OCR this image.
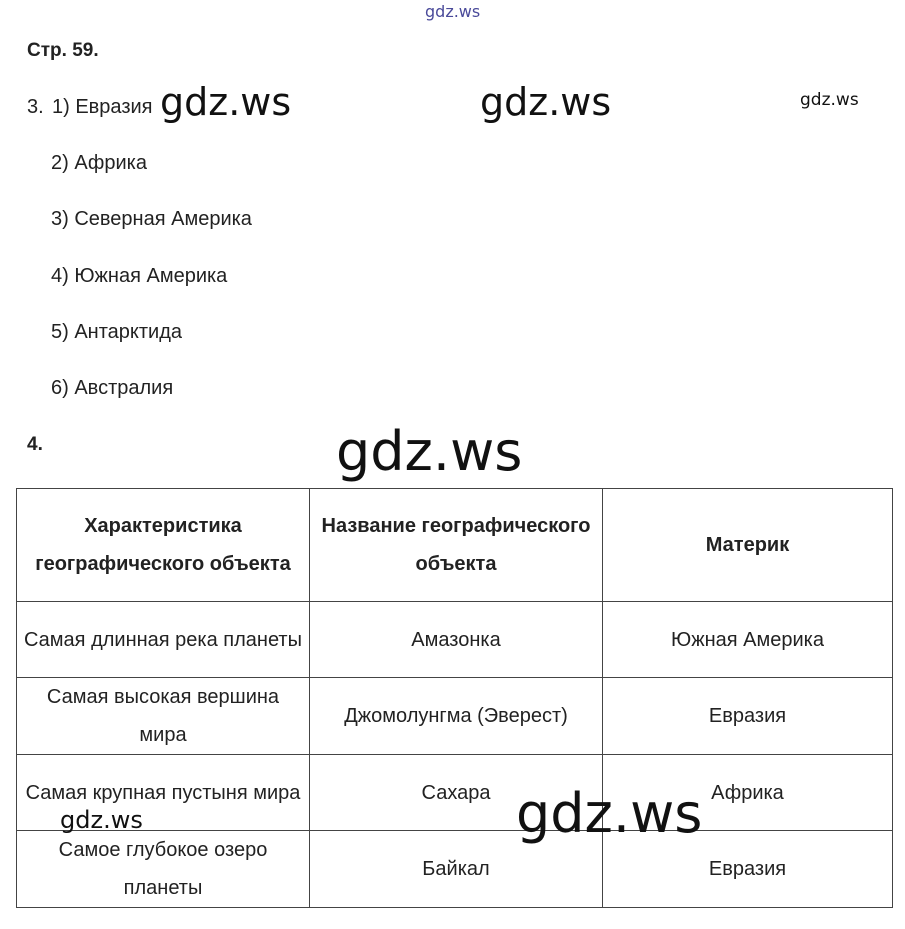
Стр. 59.
3. 1) Евразия
2) Африка
3) Северная Америка
4) Южная Америка
5) Антарктида
6) Австралия
4.
Характеристика географического объекта	Название географического объекта	Материк
Самая длинная река планеты	Амазонка	Южная Америка
Самая высокая вершина мира	Джомолунгма (Эверест)	Евразия
Самая крупная пустыня мира	Сахара	Африка
Самое глубокое озеро планеты	Байкал	Евразия
gdz.ws
gdz.ws	gdz.ws	gdz.ws
gdz.ws
gdz.ws
gdz.ws
